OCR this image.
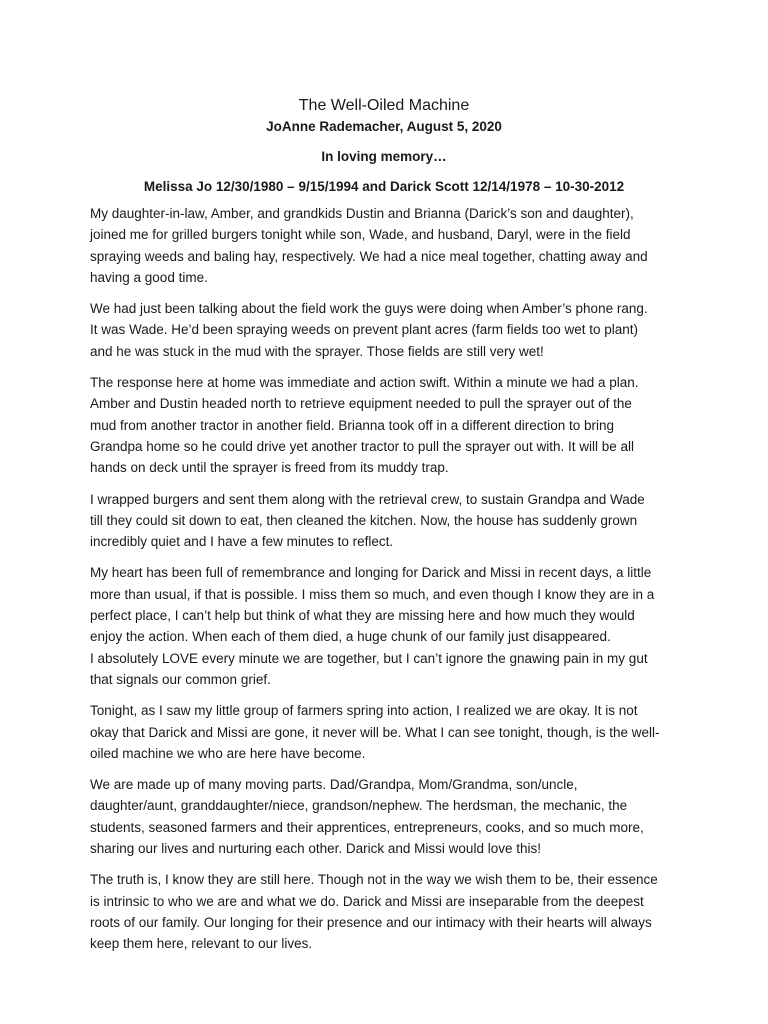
The Well-Oiled Machine
JoAnne Rademacher, August 5, 2020
In loving memory…
Melissa Jo 12/30/1980 – 9/15/1994 and Darick Scott 12/14/1978 – 10-30-2012
My daughter-in-law, Amber, and grandkids Dustin and Brianna (Darick’s son and daughter),
joined me for grilled burgers tonight while son, Wade, and husband, Daryl, were in the field
spraying weeds and baling hay, respectively. We had a nice meal together, chatting away and
having a good time.
We had just been talking about the field work the guys were doing when Amber’s phone rang.
It was Wade. He’d been spraying weeds on prevent plant acres (farm fields too wet to plant)
and he was stuck in the mud with the sprayer. Those fields are still very wet!
The response here at home was immediate and action swift. Within a minute we had a plan.
Amber and Dustin headed north to retrieve equipment needed to pull the sprayer out of the
mud from another tractor in another field. Brianna took off in a different direction to bring
Grandpa home so he could drive yet another tractor to pull the sprayer out with. It will be all
hands on deck until the sprayer is freed from its muddy trap.
I wrapped burgers and sent them along with the retrieval crew, to sustain Grandpa and Wade
till they could sit down to eat, then cleaned the kitchen. Now, the house has suddenly grown
incredibly quiet and I have a few minutes to reflect.
My heart has been full of remembrance and longing for Darick and Missi in recent days, a little
more than usual, if that is possible. I miss them so much, and even though I know they are in a
perfect place, I can’t help but think of what they are missing here and how much they would
enjoy the action. When each of them died, a huge chunk of our family just disappeared.
I absolutely LOVE every minute we are together, but I can’t ignore the gnawing pain in my gut
that signals our common grief.
Tonight, as I saw my little group of farmers spring into action, I realized we are okay. It is not
okay that Darick and Missi are gone, it never will be. What I can see tonight, though, is the well-
oiled machine we who are here have become.
We are made up of many moving parts. Dad/Grandpa, Mom/Grandma, son/uncle,
daughter/aunt, granddaughter/niece, grandson/nephew. The herdsman, the mechanic, the
students, seasoned farmers and their apprentices, entrepreneurs, cooks, and so much more,
sharing our lives and nurturing each other. Darick and Missi would love this!
The truth is, I know they are still here. Though not in the way we wish them to be, their essence
is intrinsic to who we are and what we do. Darick and Missi are inseparable from the deepest
roots of our family. Our longing for their presence and our intimacy with their hearts will always
keep them here, relevant to our lives.
